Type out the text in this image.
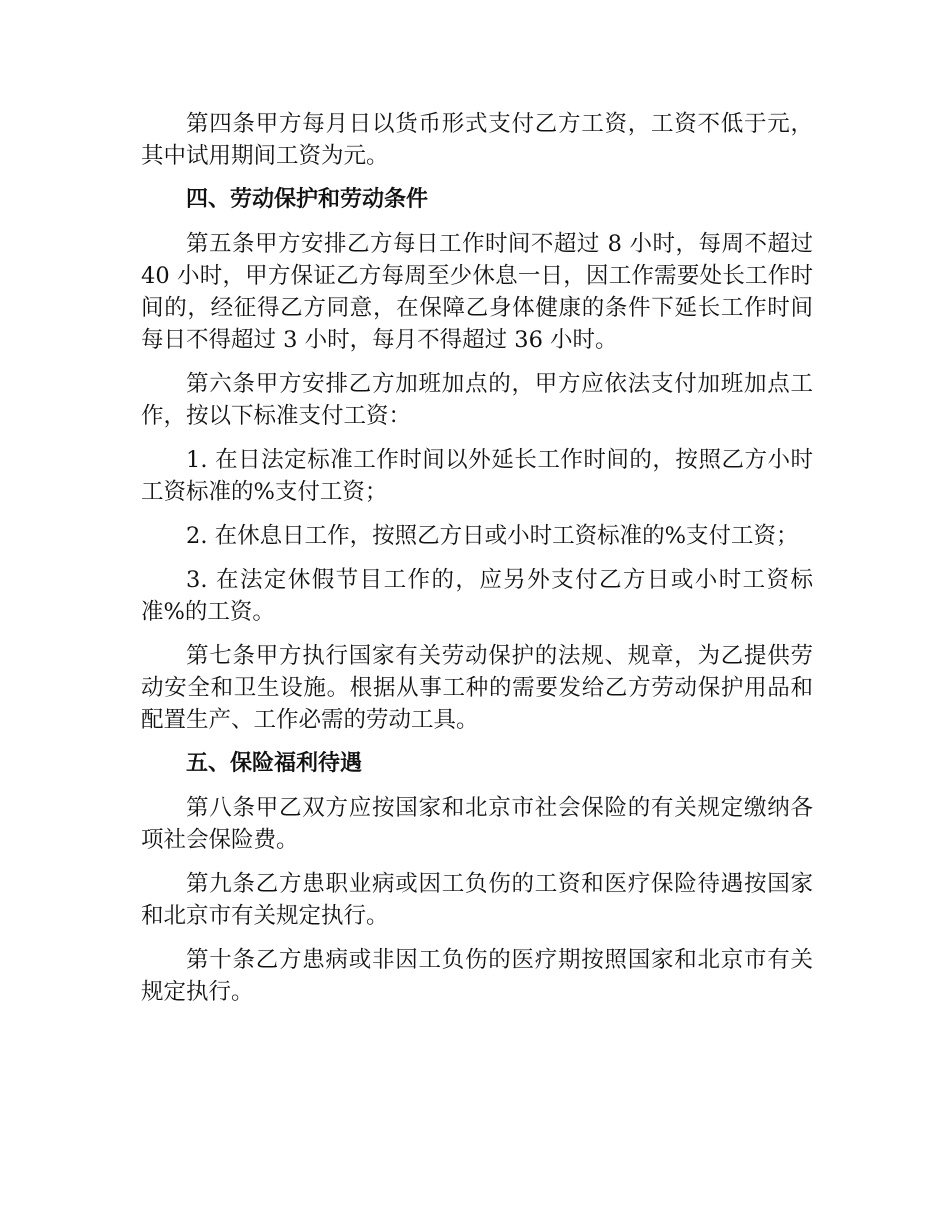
第四条甲方每月日以货币形式支付乙方工资，工资不低于元，其中试用期间工资为元。

四、劳动保护和劳动条件

第五条甲方安排乙方每日工作时间不超过 8 小时，每周不超过 40 小时，甲方保证乙方每周至少休息一日，因工作需要处长工作时间的，经征得乙方同意，在保障乙身体健康的条件下延长工作时间每日不得超过 3 小时，每月不得超过 36 小时。

第六条甲方安排乙方加班加点的，甲方应依法支付加班加点工作，按以下标准支付工资：

1. 在日法定标准工作时间以外延长工作时间的，按照乙方小时工资标准的%支付工资；

2. 在休息日工作，按照乙方日或小时工资标准的%支付工资；

3. 在法定休假节目工作的，应另外支付乙方日或小时工资标准%的工资。

第七条甲方执行国家有关劳动保护的法规、规章，为乙提供劳动安全和卫生设施。根据从事工种的需要发给乙方劳动保护用品和配置生产、工作必需的劳动工具。

五、保险福利待遇

第八条甲乙双方应按国家和北京市社会保险的有关规定缴纳各项社会保险费。

第九条乙方患职业病或因工负伤的工资和医疗保险待遇按国家和北京市有关规定执行。

第十条乙方患病或非因工负伤的医疗期按照国家和北京市有关规定执行。
